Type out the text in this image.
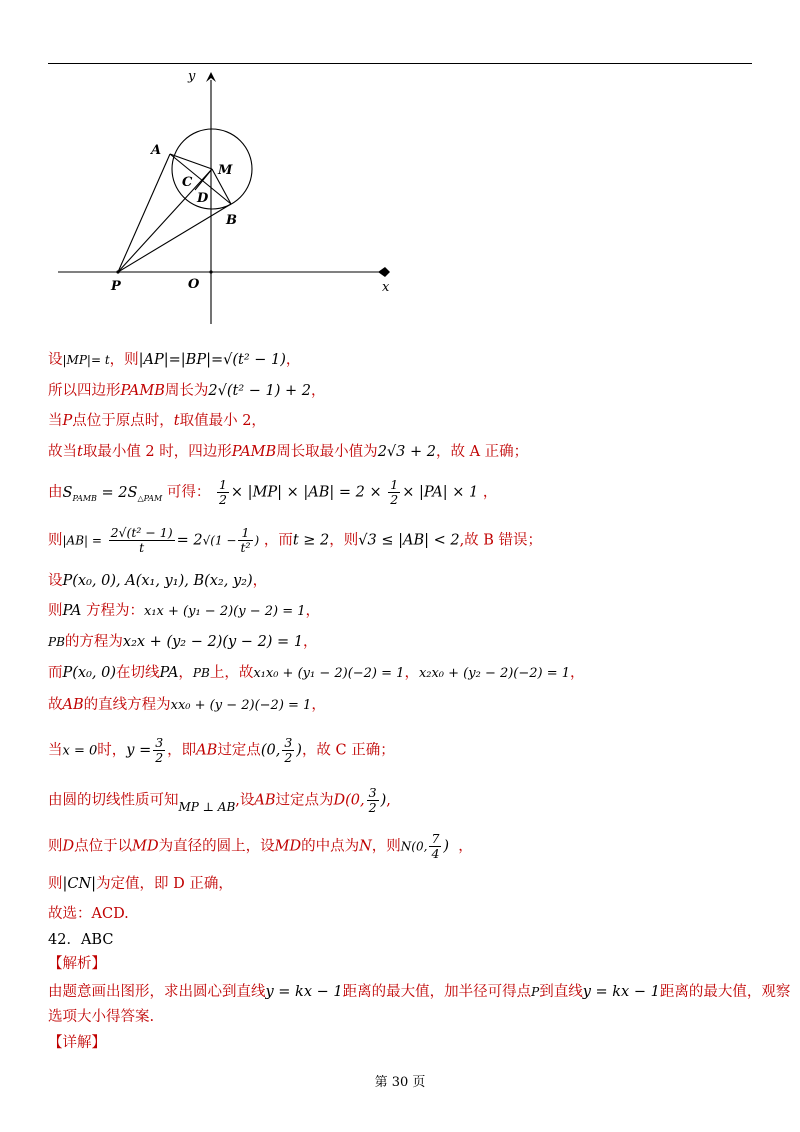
y
A
M
C
D
B
P	O	x
设|MP|= t，则|AP|=|BP|=√(t² − 1)，
所以四边形PAMB周长为2√(t² − 1) + 2，
当P点位于原点时，t取值最小 2，
故当t取最小值 2 时，四边形PAMB周长取最小值为2√3 + 2，故 A 正确；
由$S_{PAMB} = 2S_{\triangle PAM}$ 可得： $\frac{1}{2} \times |MP| \times |AB| = 2 \times \frac{1}{2} \times |PA| \times 1$ ，
则$|AB| = \frac{\text{2√(t² − 1)}}{t} = 2√(1 - \frac{1}{\text{t²}}$ ) ，而t ≥ 2，则√3 ≤ |AB| < 2,故 B 错误；
设P(x₀, 0), A(x₁, y₁), B(x₂, y₂)，
则PA 方程为：x₁x + (y₁ − 2)(y − 2) = 1，
PB的方程为x₂x + (y₂ − 2)(y − 2) = 1，
而P(x₀, 0)在切线PA，PB上，故x₁x₀ + (y₁ − 2)(−2) = 1，x₂x₀ + (y₂ − 2)(−2) = 1，
故AB的直线方程为xx₀ + (y − 2)(−2) = 1，
当x = 0时，$y = \frac{3}{2}$ ，即AB过定点(0, $\frac{3}{2}$ )，故 C 正确；
由圆的切线性质可知$_{MP \perp AB}$,设AB过定点为D(0, $\frac{3}{2}$ ),
则D点位于以MD为直径的圆上，设MD的中点为N，则N(0, $\frac{7}{4}$ ) ，
则|CN|为定值，即 D 正确，
故选：ACD.
42．ABC
【解析】
由题意画出图形，求出圆心到直线y = kx − 1距离的最大值，加半径可得点P到直线y = kx − 1距离的最大值，观察
选项大小得答案.
【详解】
第 30 页
